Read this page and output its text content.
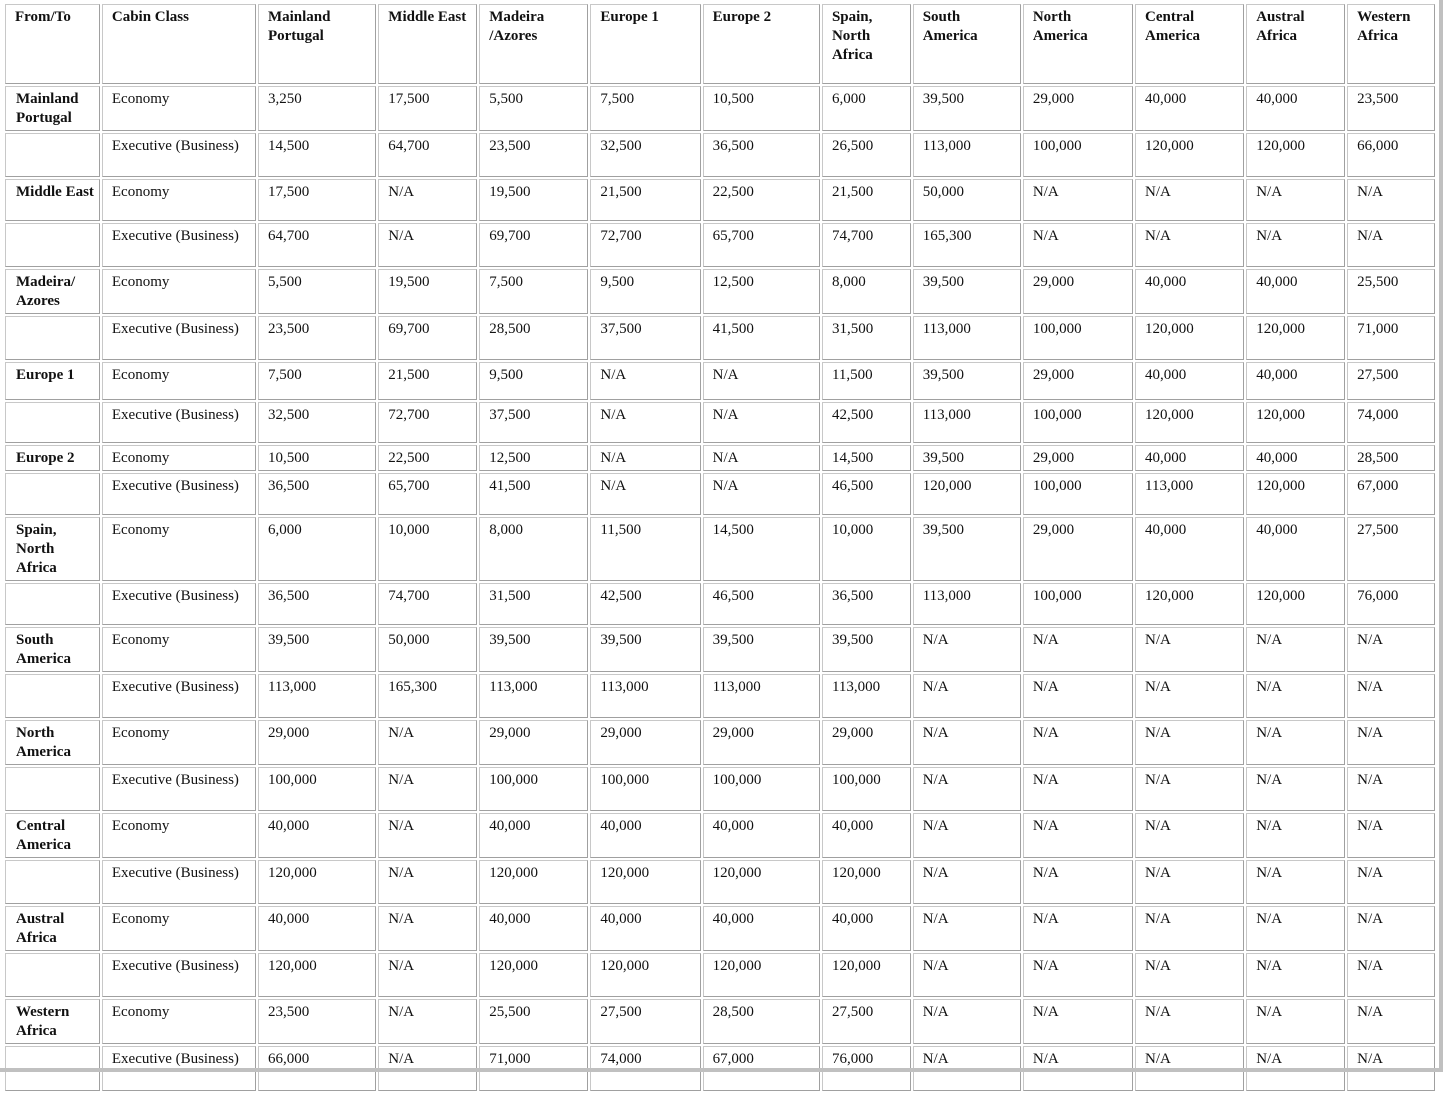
From/To	Cabin Class	Mainland Portugal	Middle East	Madeira /Azores	Europe 1	Europe 2	Spain, North Africa	South America	North America	Central America	Austral Africa	Western Africa
Mainland Portugal	Economy	3,250	17,500	5,500	7,500	10,500	6,000	39,500	29,000	40,000	40,000	23,500
	Executive (Business)	14,500	64,700	23,500	32,500	36,500	26,500	113,000	100,000	120,000	120,000	66,000
Middle East	Economy	17,500	N/A	19,500	21,500	22,500	21,500	50,000	N/A	N/A	N/A	N/A
	Executive (Business)	64,700	N/A	69,700	72,700	65,700	74,700	165,300	N/A	N/A	N/A	N/A
Madeira/ Azores	Economy	5,500	19,500	7,500	9,500	12,500	8,000	39,500	29,000	40,000	40,000	25,500
	Executive (Business)	23,500	69,700	28,500	37,500	41,500	31,500	113,000	100,000	120,000	120,000	71,000
Europe 1	Economy	7,500	21,500	9,500	N/A	N/A	11,500	39,500	29,000	40,000	40,000	27,500
	Executive (Business)	32,500	72,700	37,500	N/A	N/A	42,500	113,000	100,000	120,000	120,000	74,000
Europe 2	Economy	10,500	22,500	12,500	N/A	N/A	14,500	39,500	29,000	40,000	40,000	28,500
	Executive (Business)	36,500	65,700	41,500	N/A	N/A	46,500	120,000	100,000	113,000	120,000	67,000
Spain, North Africa	Economy	6,000	10,000	8,000	11,500	14,500	10,000	39,500	29,000	40,000	40,000	27,500
	Executive (Business)	36,500	74,700	31,500	42,500	46,500	36,500	113,000	100,000	120,000	120,000	76,000
South America	Economy	39,500	50,000	39,500	39,500	39,500	39,500	N/A	N/A	N/A	N/A	N/A
	Executive (Business)	113,000	165,300	113,000	113,000	113,000	113,000	N/A	N/A	N/A	N/A	N/A
North America	Economy	29,000	N/A	29,000	29,000	29,000	29,000	N/A	N/A	N/A	N/A	N/A
	Executive (Business)	100,000	N/A	100,000	100,000	100,000	100,000	N/A	N/A	N/A	N/A	N/A
Central America	Economy	40,000	N/A	40,000	40,000	40,000	40,000	N/A	N/A	N/A	N/A	N/A
	Executive (Business)	120,000	N/A	120,000	120,000	120,000	120,000	N/A	N/A	N/A	N/A	N/A
Austral Africa	Economy	40,000	N/A	40,000	40,000	40,000	40,000	N/A	N/A	N/A	N/A	N/A
	Executive (Business)	120,000	N/A	120,000	120,000	120,000	120,000	N/A	N/A	N/A	N/A	N/A
Western Africa	Economy	23,500	N/A	25,500	27,500	28,500	27,500	N/A	N/A	N/A	N/A	N/A
	Executive (Business)	66,000	N/A	71,000	74,000	67,000	76,000	N/A	N/A	N/A	N/A	N/A
